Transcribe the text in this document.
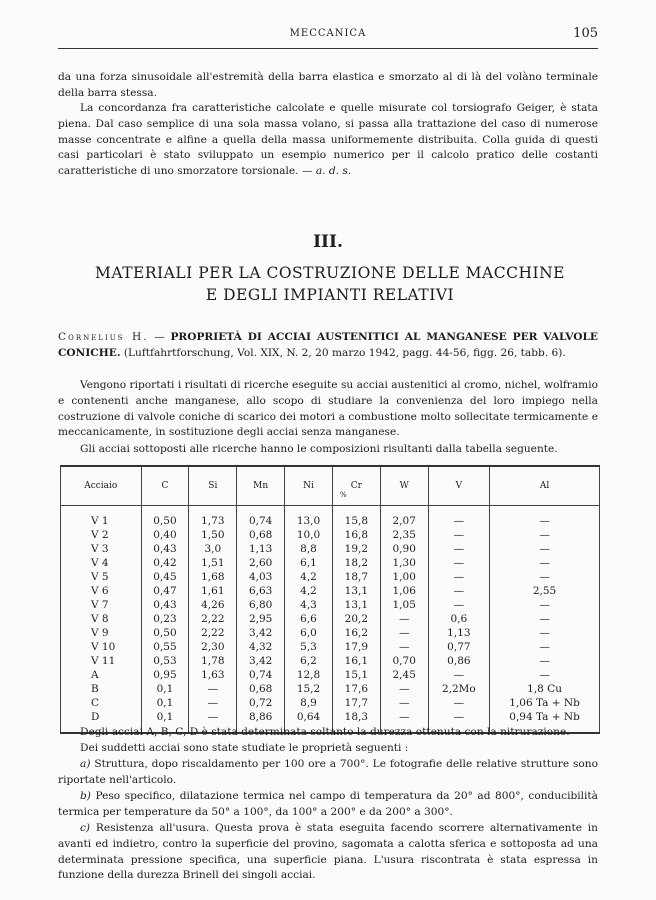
MECCANICA	105
da una forza sinusoidale all'estremità della barra elastica e smorzato al di là del volàno terminale della barra stessa.
La concordanza fra caratteristiche calcolate e quelle misurate col torsiografo Geiger, è stata piena. Dal caso semplice di una sola massa volano, si passa alla trattazione del caso di numerose masse concentrate e alfine a quella della massa uniformemente distribuita. Colla guida di questi casi particolari è stato sviluppato un esempio numerico per il calcolo pratico delle costanti caratteristiche di uno smorzatore torsionale. — a. d. s.
III.
MATERIALI PER LA COSTRUZIONE DELLE MACCHINE
E DEGLI IMPIANTI RELATIVI
Cornelius H. — PROPRIETÀ DI ACCIAI AUSTENITICI AL MANGANESE PER VALVOLE CONICHE. (Luftfahrtforschung, Vol. XIX, N. 2, 20 marzo 1942, pagg. 44-56, figg. 26, tabb. 6).
Vengono riportati i risultati di ricerche eseguite su acciai austenitici al cromo, nichel, wolframio e contenenti anche manganese, allo scopo di studiare la convenienza del loro impiego nella costruzione di valvole coniche di scarico dei motori a combustione molto sollecitate termicamente e meccanicamente, in sostituzione degli acciai senza manganese.
Gli acciai sottoposti alle ricerche hanno le composizioni risultanti dalla tabella seguente.
%
Acciaio	C	Si	Mn	Ni	Cr	W	V	Al

V 1	0,50	1,73	0,74	13,0	15,8	2,07	—	—
V 2	0,40	1,50	0,68	10,0	16,8	2,35	—	—
V 3	0,43	3,0	1,13	8,8	19,2	0,90	—	—
V 4	0,42	1,51	2,60	6,1	18,2	1,30	—	—
V 5	0,45	1,68	4,03	4,2	18,7	1,00	—	—
V 6	0,47	1,61	6,63	4,2	13,1	1,06	—	2,55
V 7	0,43	4,26	6,80	4,3	13,1	1,05	—	—
V 8	0,23	2,22	2,95	6,6	20,2	—	0,6	—
V 9	0,50	2,22	3,42	6,0	16,2	—	1,13	—
V 10	0,55	2,30	4,32	5,3	17,9	—	0,77	—
V 11	0,53	1,78	3,42	6,2	16,1	0,70	0,86	—
A	0,95	1,63	0,74	12,8	15,1	2,45	—	—
B	0,1	—	0,68	15,2	17,6	—	2,2Mo	1,8 Cu
C	0,1	—	0,72	8,9	17,7	—	—	1,06 Ta + Nb
D	0,1	—	8,86	0,64	18,3	—	—	0,94 Ta + Nb

Degli acciai A, B, C, D è stata determinata soltanto la durezza ottenuta con la nitrurazione.
Dei suddetti acciai sono state studiate le proprietà seguenti :
a) Struttura, dopo riscaldamento per 100 ore a 700°. Le fotografie delle relative strutture sono riportate nell'articolo.
b) Peso specifico, dilatazione termica nel campo di temperatura da 20° ad 800°, conducibilità termica per temperature da 50° a 100°, da 100° a 200° e da 200° a 300°.
c) Resistenza all'usura. Questa prova è stata eseguita facendo scorrere alternativamente in avanti ed indietro, contro la superficie del provino, sagomata a calotta sferica e sottoposta ad una determinata pressione specifica, una superficie piana. L'usura riscontrata è stata espressa in funzione della durezza Brinell dei singoli acciai.
